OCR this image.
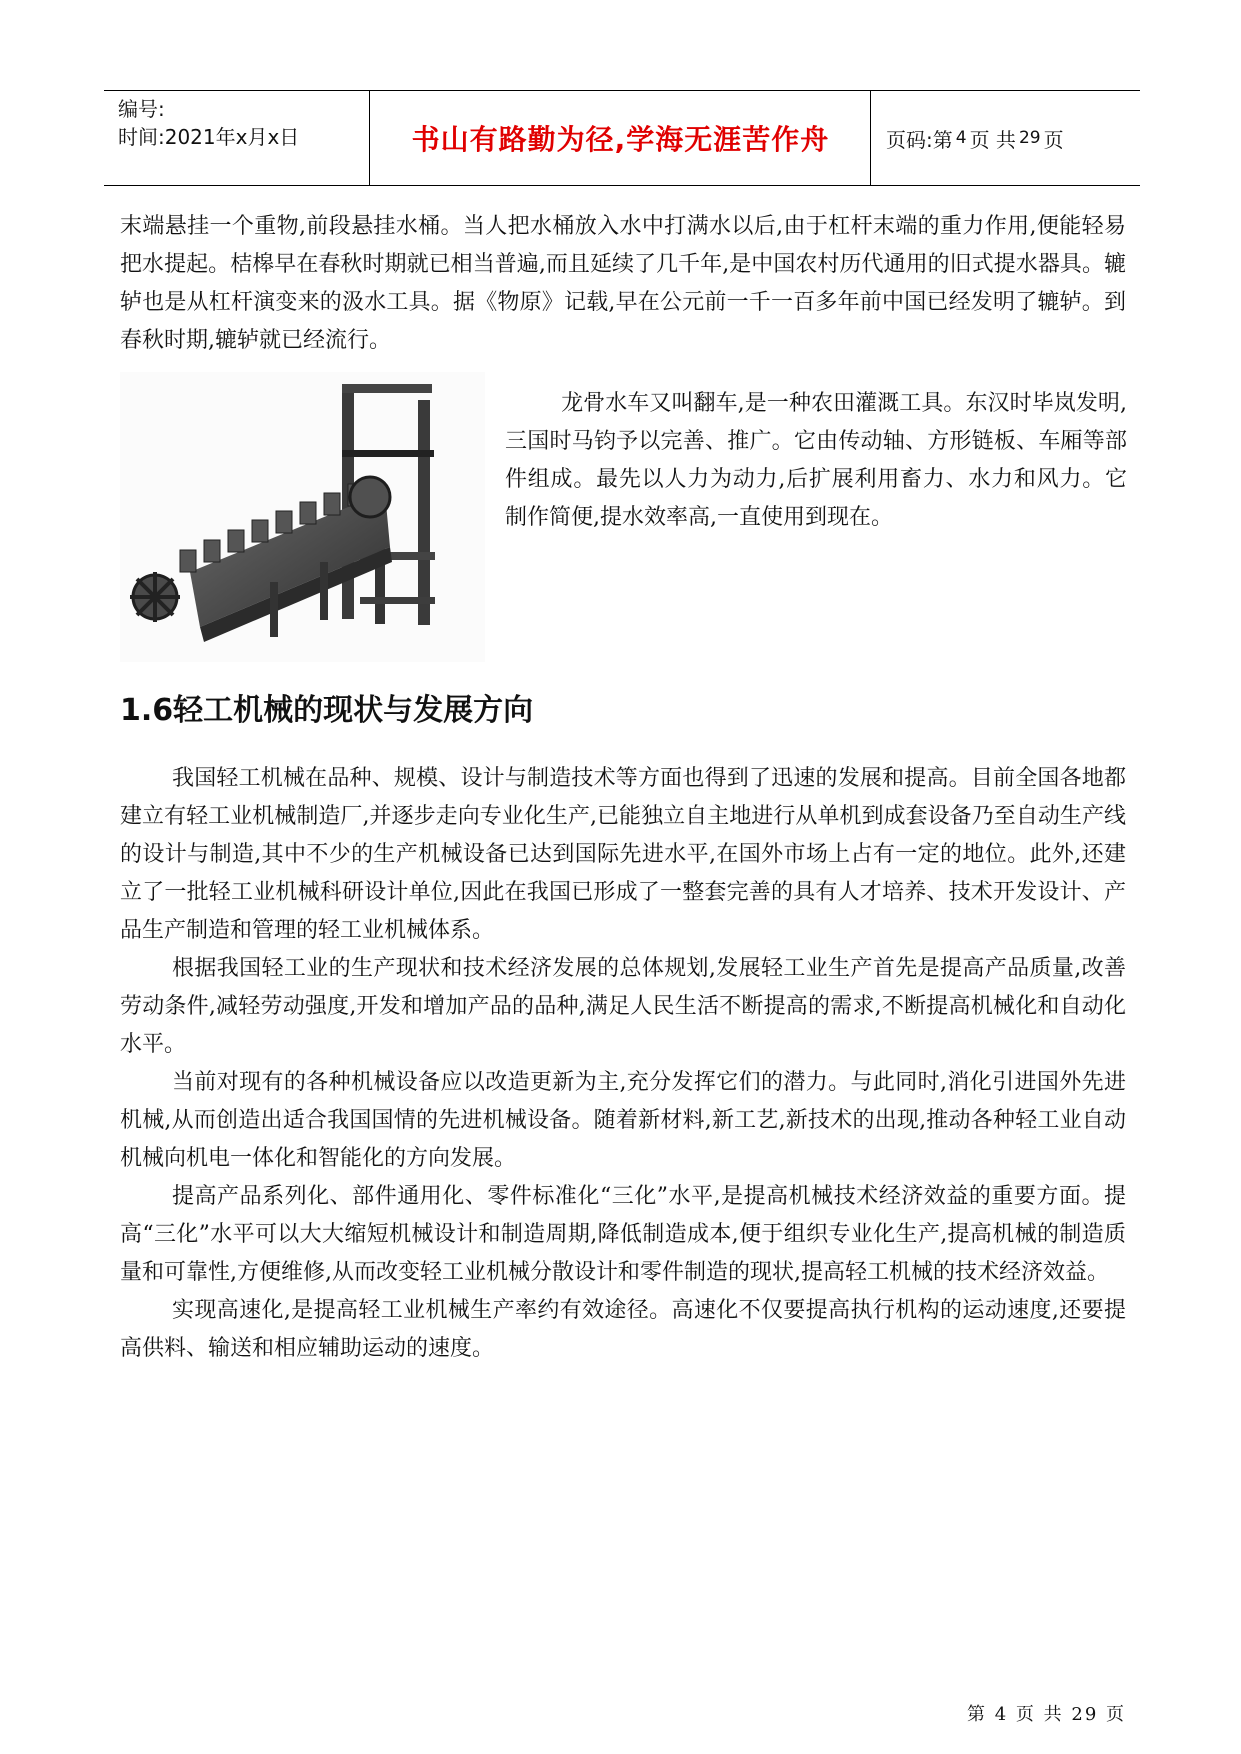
编号:
时间:2021年x月x日	书山有路勤为径,学海无涯苦作舟	页码:第 4 页 共 29 页
末端悬挂一个重物,前段悬挂水桶。当人把水桶放入水中打满水以后,由于杠杆末端的重力作用,便能轻易把水提起。桔槔早在春秋时期就已相当普遍,而且延续了几千年,是中国农村历代通用的旧式提水器具。辘轳也是从杠杆演变来的汲水工具。据《物原》记载,早在公元前一千一百多年前中国已经发明了辘轳。到春秋时期,辘轳就已经流行。
龙骨水车又叫翻车,是一种农田灌溉工具。东汉时毕岚发明,三国时马钧予以完善、推广。它由传动轴、方形链板、车厢等部件组成。最先以人力为动力,后扩展利用畜力、水力和风力。它制作简便,提水效率高,一直使用到现在。
1.6轻工机械的现状与发展方向

我国轻工机械在品种、规模、设计与制造技术等方面也得到了迅速的发展和提高。目前全国各地都建立有轻工业机械制造厂,并逐步走向专业化生产,已能独立自主地进行从单机到成套设备乃至自动生产线的设计与制造,其中不少的生产机械设备已达到国际先进水平,在国外市场上占有一定的地位。此外,还建立了一批轻工业机械科研设计单位,因此在我国已形成了一整套完善的具有人才培养、技术开发设计、产品生产制造和管理的轻工业机械体系。

根据我国轻工业的生产现状和技术经济发展的总体规划,发展轻工业生产首先是提高产品质量,改善劳动条件,减轻劳动强度,开发和增加产品的品种,满足人民生活不断提高的需求,不断提高机械化和自动化水平。

当前对现有的各种机械设备应以改造更新为主,充分发挥它们的潜力。与此同时,消化引进国外先进机械,从而创造出适合我国国情的先进机械设备。随着新材料,新工艺,新技术的出现,推动各种轻工业自动机械向机电一体化和智能化的方向发展。

提高产品系列化、部件通用化、零件标准化“三化”水平,是提高机械技术经济效益的重要方面。提高“三化”水平可以大大缩短机械设计和制造周期,降低制造成本,便于组织专业化生产,提高机械的制造质量和可靠性,方便维修,从而改变轻工业机械分散设计和零件制造的现状,提高轻工机械的技术经济效益。

实现高速化,是提高轻工业机械生产率约有效途径。高速化不仅要提高执行机构的运动速度,还要提高供料、输送和相应辅助运动的速度。

第 4 页 共 29 页
